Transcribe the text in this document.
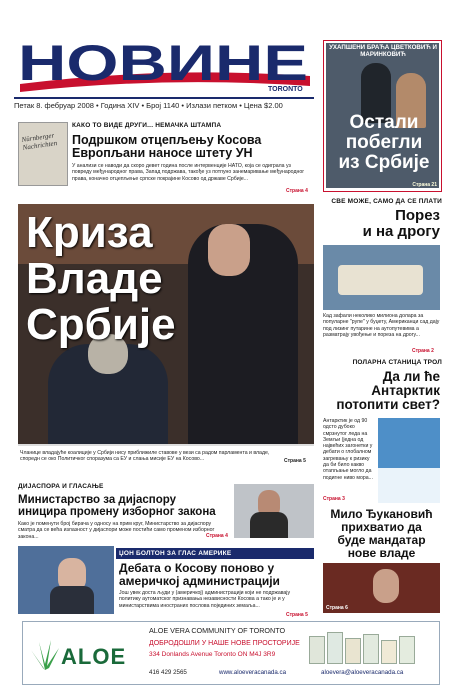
НОВИНЕ
TORONTO
Петак 8. фебруар 2008 • Година XIV • Број 1140 • Излази петком • Цена $2.00
УХАПШЕНИ БРАЋА ЦВЕТКОВИЋ И МАРИНКОВИЋ
Остали
побегли
из Србије
Страна 21
Nürnberger Nachrichten
КАКО ТО ВИДЕ ДРУГИ... НЕМАЧКА ШТАМПА
Подршком отцепљењу Косова Европљани наносе штету УН
У анализи се наводи да скоро девет година после интервенције НАТО, која се одиграла уз повреду међународног права, Запад подржава, такође уз потпуно занемаривање међународног права, коначно отцепљење српске покрајине Косово од државе Србије...
Страна 4
Криза
Владе
Србије
Чланице владајуће коалиције у Србији нису приближиле ставове у вези са радом парламента и владе, споредн се око Политичког споразума са ЕУ и слања мисије ЕУ на Косово...	Страна 5
СВЕ МОЖЕ, САМО ДА СЕ ПЛАТИ
Порез
и на дрогу
Кад зафали неколико милиона долара за популарне "рупе" у буџету, Американци сад дају под лизинг путарине на аутопутевима а разматрају увођење и пореза на дрогу...
Страна 2
ПОЛАРНА СТАНИЦА ТРОЛ
Да ли ће
Антарктик
потопити свет?
Антарктик је од 90 одсто дубоко смрзнутог леда на Земљи (једна од највећих загонетки у дебати о глобалном загревању к ризику да би било какво отапљање могло да подигне ниво мора...
Страна 3
Мило Ђукановић
прихватио да
буде мандатар
нове владе
Страна 6
ДИЈАСПОРА И ГЛАСАЊЕ
Министарство за дијаспору
иницира промену изборног закона
Како је поменути број бирача у односу на прим круг, Министарство за дијаспору сматра да се већа излазност у дијаспори може постићи само променом изборног закона...	Страна 4
ЏОН БОЛТОН ЗА ГЛАС АМЕРИКЕ
Дебата о Косову поново у
америчкој администрацији
Још увек доста људи у (америчкој) администрацији који не подржавају политику аутоматског признавања независности Косова а тако је и у министарствима иностраних послова појединих земаља...
Страна 5
ALOE
ALOE VERA COMMUNITY OF TORONTO
ДОБРОДОШЛИ У НАШЕ НОВЕ ПРОСТОРИЈЕ
334 Donlands Avenue Toronto ON M4J 3R9
416 429 2565	www.aloeveracanada.ca	aloevera@aloeveracanada.ca
